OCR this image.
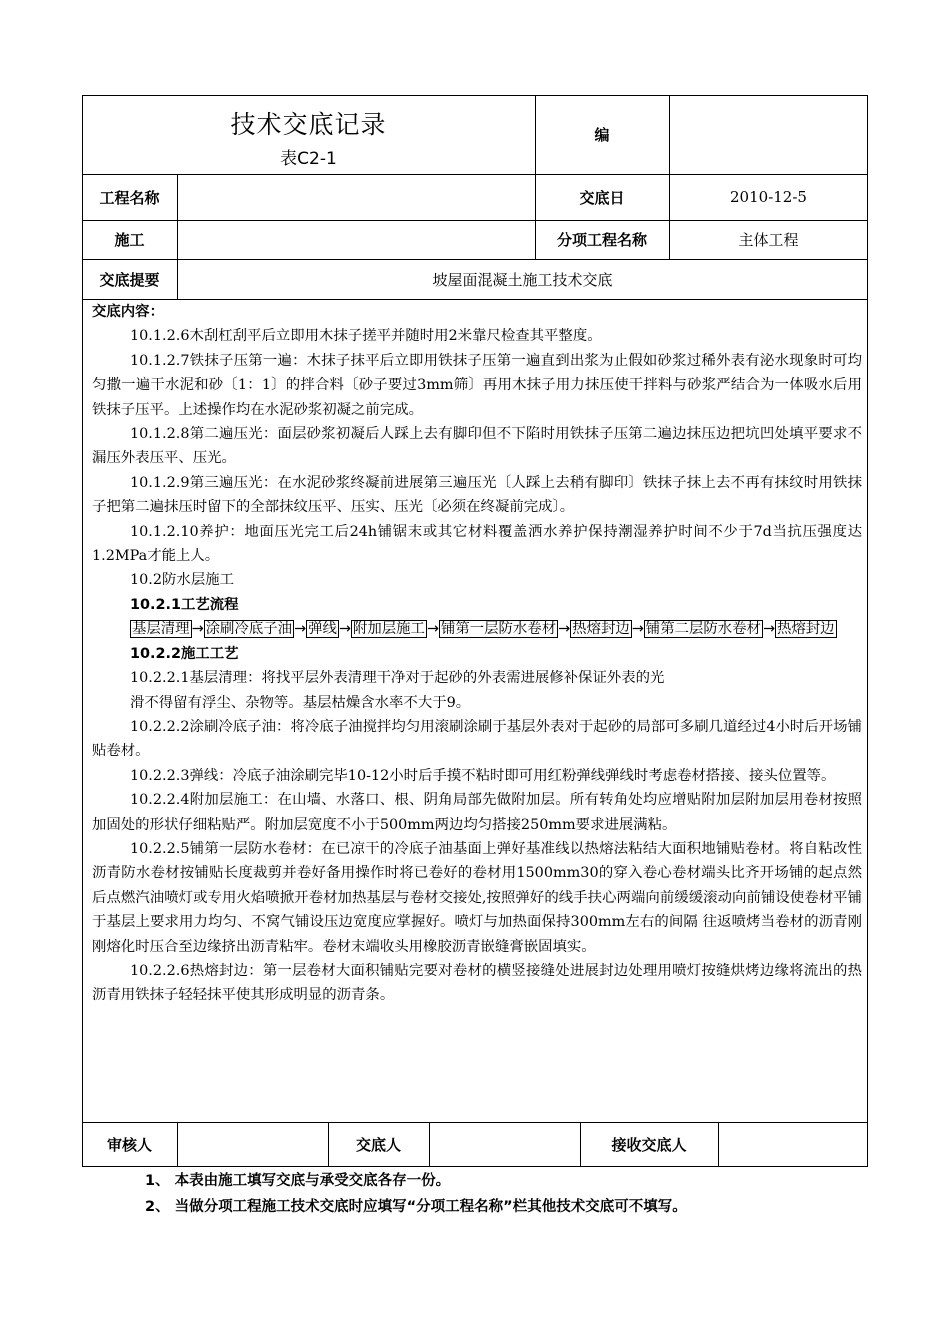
技术交底记录
表C2-1
编
工程名称	交底日	2010-12-5
施工	分项工程名称	主体工程
交底提要	坡屋面混凝土施工技术交底

交底内容：

10.1.2.6木刮杠刮平后立即用木抹子搓平并随时用2米靠尺检查其平整度。

10.1.2.7铁抹子压第一遍：木抹子抹平后立即用铁抹子压第一遍直到出浆为止假如砂浆过稀外表有泌水现象时可均匀撒一遍干水泥和砂〔1：1〕的拌合料〔砂子要过3mm筛〕再用木抹子用力抹压使干拌料与砂浆严结合为一体吸水后用铁抹子压平。上述操作均在水泥砂浆初凝之前完成。

10.1.2.8第二遍压光：面层砂浆初凝后人踩上去有脚印但不下陷时用铁抹子压第二遍边抹压边把坑凹处填平要求不漏压外表压平、压光。

10.1.2.9第三遍压光：在水泥砂浆终凝前进展第三遍压光〔人踩上去稍有脚印〕铁抹子抹上去不再有抹纹时用铁抹子把第二遍抹压时留下的全部抹纹压平、压实、压光〔必须在终凝前完成〕。

10.1.2.10养护：地面压光完工后24h铺锯末或其它材料覆盖洒水养护保持潮湿养护时间不少于7d当抗压强度达1.2MPa才能上人。

10.2防水层施工

10.2.1工艺流程

基层清理 → 涂刷冷底子油 → 弹线 → 附加层施工 → 铺第一层防水卷材 → 热熔封边 → 铺第二层防水卷材 → 热熔封边

10.2.2施工工艺

10.2.2.1基层清理：将找平层外表清理干净对于起砂的外表需进展修补保证外表的光

滑不得留有浮尘、杂物等。基层枯燥含水率不大于9。

10.2.2.2涂刷冷底子油：将冷底子油搅拌均匀用滚刷涂刷于基层外表对于起砂的局部可多刷几道经过4小时后开场铺贴卷材。

10.2.2.3弹线：冷底子油涂刷完毕10-12小时后手摸不粘时即可用红粉弹线弹线时考虑卷材搭接、接头位置等。

10.2.2.4附加层施工：在山墙、水落口、根、阴角局部先做附加层。所有转角处均应增贴附加层附加层用卷材按照加固处的形状仔细粘贴严。附加层宽度不小于500mm两边均匀搭接250mm要求进展满粘。

10.2.2.5铺第一层防水卷材：在已凉干的冷底子油基面上弹好基准线以热熔法粘结大面积地铺贴卷材。将自粘改性沥青防水卷材按铺贴长度裁剪并卷好备用操作时将已卷好的卷材用1500mm30的穿入卷心卷材端头比齐开场铺的起点然后点燃汽油喷灯或专用火焰喷掀开卷材加热基层与卷材交接处,按照弹好的线手扶心两端向前缓缓滚动向前铺设使卷材平铺于基层上要求用力均匀、不窝气铺设压边宽度应掌握好。喷灯与加热面保持300mm左右的间隔 往返喷烤当卷材的沥青刚刚熔化时压合至边缘挤出沥青粘牢。卷材末端收头用橡胶沥青嵌缝膏嵌固填实。

10.2.2.6热熔封边：第一层卷材大面积铺贴完要对卷材的横竖接缝处进展封边处理用喷灯按缝烘烤边缘将流出的热沥青用铁抹子轻轻抹平使其形成明显的沥青条。

审核人	交底人	接收交底人
1、 本表由施工填写交底与承受交底各存一份。
2、 当做分项工程施工技术交底时应填写“分项工程名称”栏其他技术交底可不填写。
